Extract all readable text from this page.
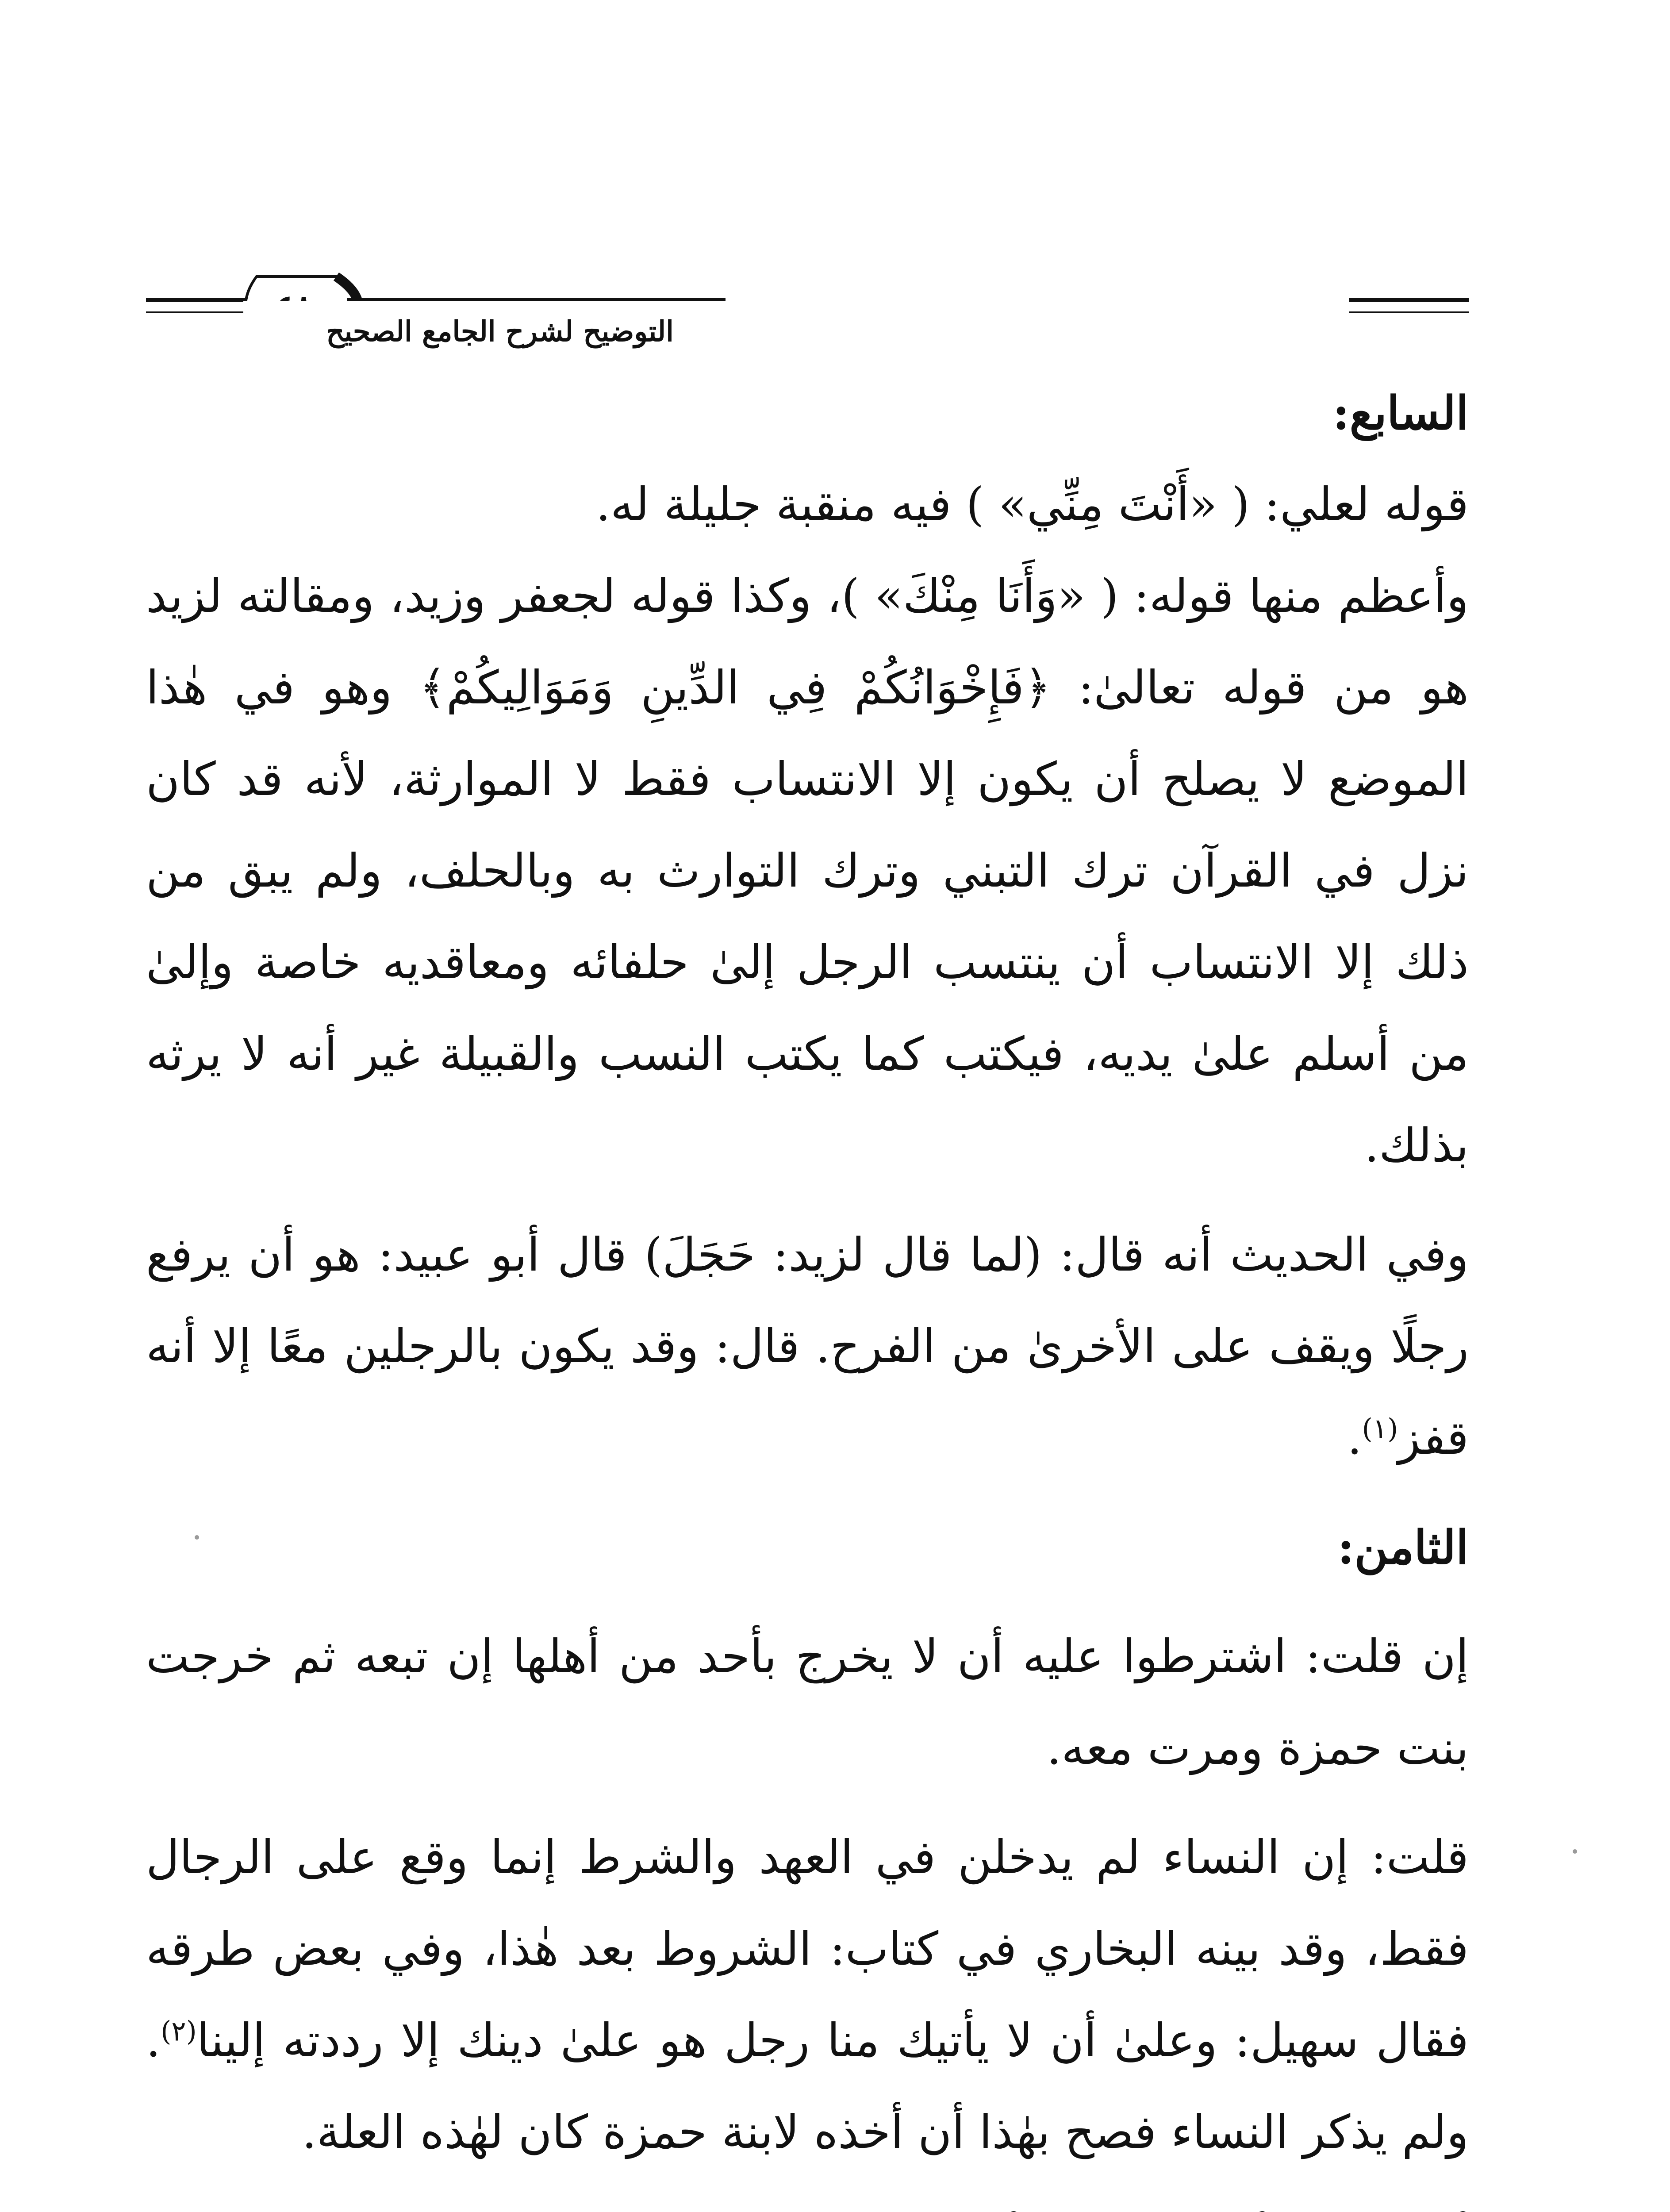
التوضيح لشرح الجامع الصحيح

السابع:

قوله لعلي: ( «أَنْتَ مِنِّي» ) فيه منقبة جليلة له.

وأعظم منها قوله: ( «وَأَنَا مِنْكَ» )، وكذا قوله لجعفر وزيد، ومقالته لزيد هو من قوله تعالىٰ: ﴿فَإِخْوَانُكُمْ فِي الدِّينِ وَمَوَالِيكُمْ﴾ وهو في هٰذا الموضع لا يصلح أن يكون إلا الانتساب فقط لا الموارثة، لأنه قد كان نزل في القرآن ترك التبني وترك التوارث به وبالحلف، ولم يبق من ذلك إلا الانتساب أن ينتسب الرجل إلىٰ حلفائه ومعاقديه خاصة وإلىٰ من أسلم علىٰ يديه، فيكتب كما يكتب النسب والقبيلة غير أنه لا يرثه بذلك.

وفي الحديث أنه قال: (لما قال لزيد: حَجَلَ) قال أبو عبيد: هو أن يرفع رجلًا ويقف على الأخرىٰ من الفرح. قال: وقد يكون بالرجلين معًا إلا أنه قفز$^{(١)}$.

الثامن:

إن قلت: اشترطوا عليه أن لا يخرج بأحد من أهلها إن تبعه ثم خرجت بنت حمزة ومرت معه.

قلت: إن النساء لم يدخلن في العهد والشرط إنما وقع على الرجال فقط، وقد بينه البخاري في كتاب: الشروط بعد هٰذا، وفي بعض طرقه فقال سهيل: وعلىٰ أن لا يأتيك منا رجل هو علىٰ دينك إلا رددته إلينا$^{(٢)}$. ولم يذكر النساء فصح بهٰذا أن أخذه لابنة حمزة كان لهٰذه العلة.
